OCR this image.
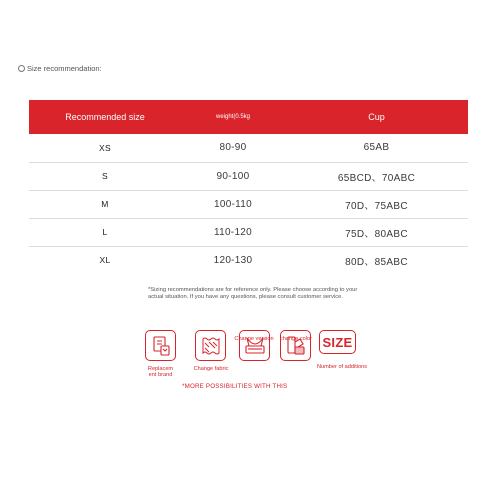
Size recommendation:
Recommended size	weight(0.5kg	Cup
XS	80-90	65AB
S	90-100	65BCD、70ABC
M	100-110	70D、75ABC
L	110-120	75D、80ABC
XL	120-130	80D、85ABC
*Sizing recommendations are for reference only. Please choose according to your
actual situation. If you have any questions, please consult customer service.
Replacem ent brand
Change fabric
Change version	change color SIZE
Number of additions
*MORE POSSIBILITIES WITH THIS
